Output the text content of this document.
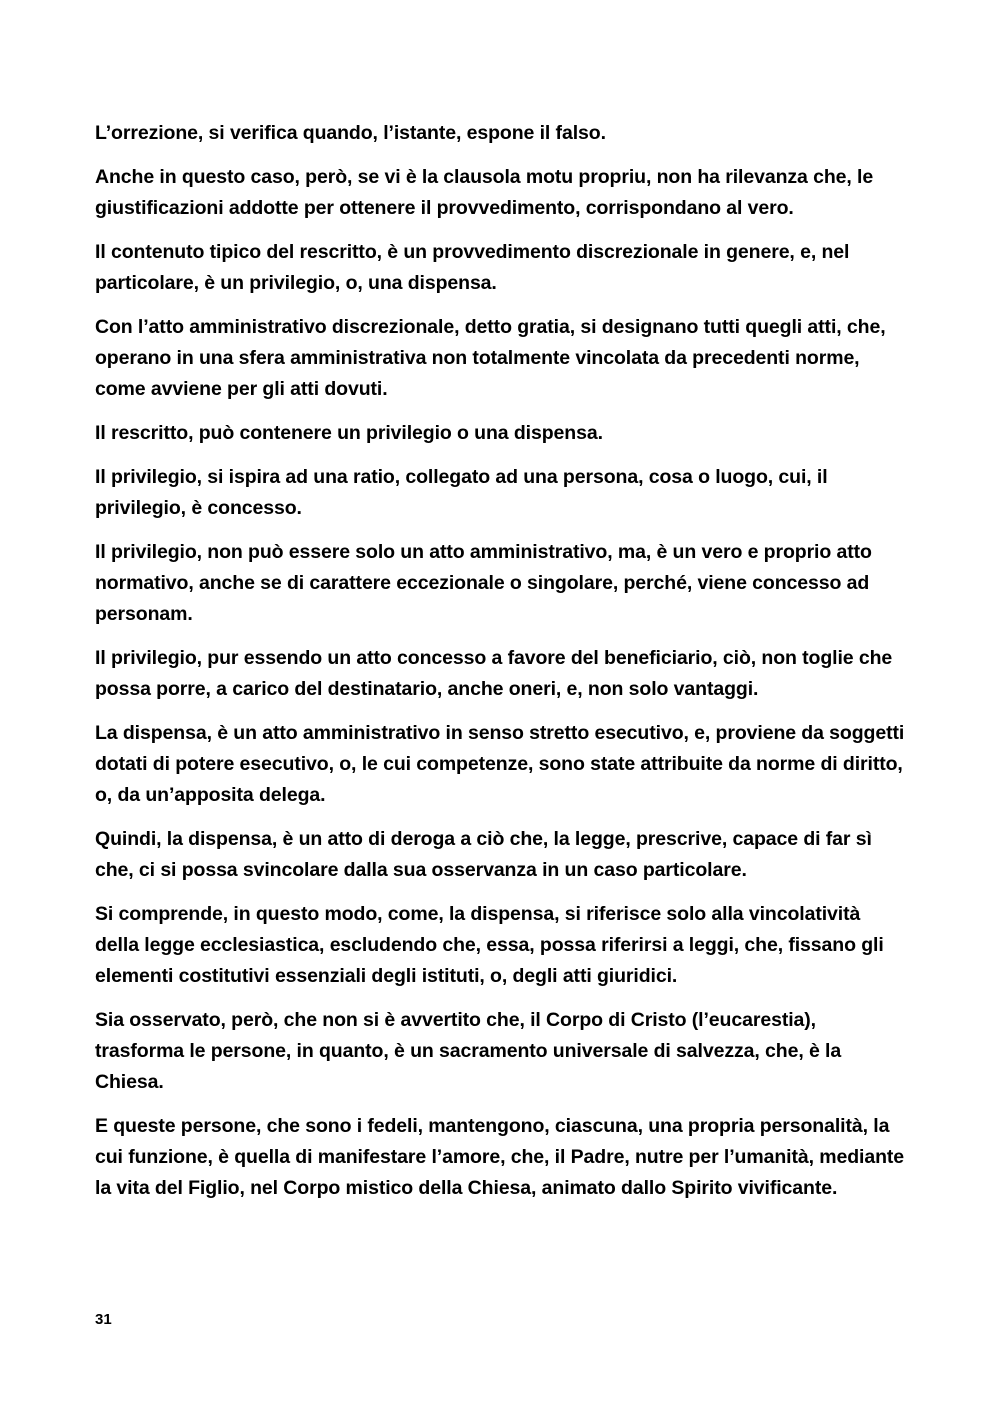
L’orrezione, si verifica quando, l’istante, espone il falso.

Anche in questo caso, però, se vi è la clausola motu propriu, non ha rilevanza che, le giustificazioni addotte per ottenere il provvedimento, corrispondano al vero.

Il contenuto tipico del rescritto, è un provvedimento discrezionale in genere, e, nel particolare, è un privilegio, o, una dispensa.

Con l’atto amministrativo discrezionale, detto gratia, si designano tutti quegli atti, che, operano in una sfera amministrativa non totalmente vincolata da precedenti norme, come avviene per gli atti dovuti.

Il rescritto, può contenere un privilegio o una dispensa.

Il privilegio, si ispira ad una ratio, collegato ad una persona, cosa o luogo, cui, il privilegio, è concesso.

Il privilegio, non può essere solo un atto amministrativo, ma, è un vero e proprio atto normativo, anche se di carattere eccezionale o singolare, perché, viene concesso ad personam.

Il privilegio, pur essendo un atto concesso a favore del beneficiario, ciò, non toglie che possa porre, a carico del destinatario, anche oneri, e, non solo vantaggi.

La dispensa, è un atto amministrativo in senso stretto esecutivo, e, proviene da soggetti dotati di potere esecutivo, o, le cui competenze, sono state attribuite da norme di diritto, o, da un’apposita delega.

Quindi, la dispensa, è un atto di deroga a ciò che, la legge, prescrive, capace di far sì che, ci si possa svincolare dalla sua osservanza in un caso particolare.

Si comprende, in questo modo, come, la dispensa, si riferisce solo alla vincolatività della legge ecclesiastica, escludendo che, essa, possa riferirsi a leggi, che, fissano gli elementi costitutivi essenziali degli istituti, o, degli atti giuridici.

Sia osservato, però, che non si è avvertito che, il Corpo di Cristo (l’eucarestia), trasforma le persone, in quanto, è un sacramento universale di salvezza, che, è la Chiesa.

E queste persone, che sono i fedeli, mantengono, ciascuna, una propria personalità, la cui funzione, è quella di manifestare l’amore, che, il Padre, nutre per l’umanità, mediante la vita del Figlio, nel Corpo mistico della Chiesa, animato dallo Spirito vivificante.

31
